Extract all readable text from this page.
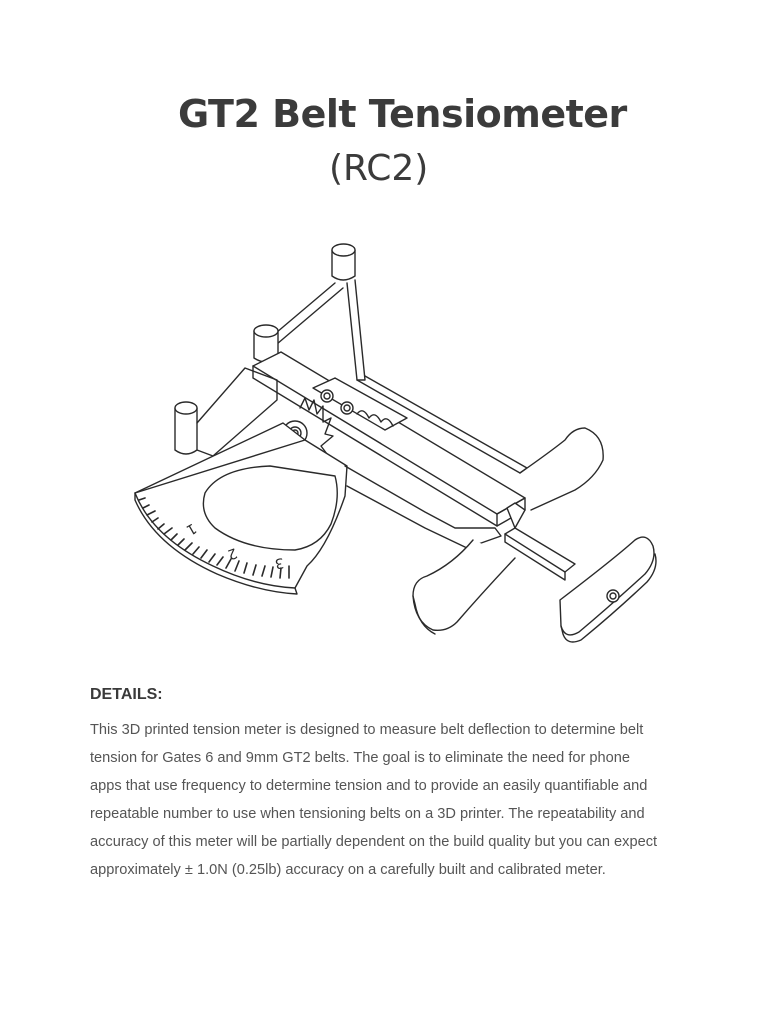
GT2 Belt Tensiometer
(RC2)
1
2
3
DETAILS:

This 3D printed tension meter is designed to measure belt deflection to determine belt
tension for Gates 6 and 9mm GT2 belts. The goal is to eliminate the need for phone
apps that use frequency to determine tension and to provide an easily quantifiable and
repeatable number to use when tensioning belts on a 3D printer. The repeatability and
accuracy of this meter will be partially dependent on the build quality but you can expect
approximately ± 1.0N (0.25lb) accuracy on a carefully built and calibrated meter.
